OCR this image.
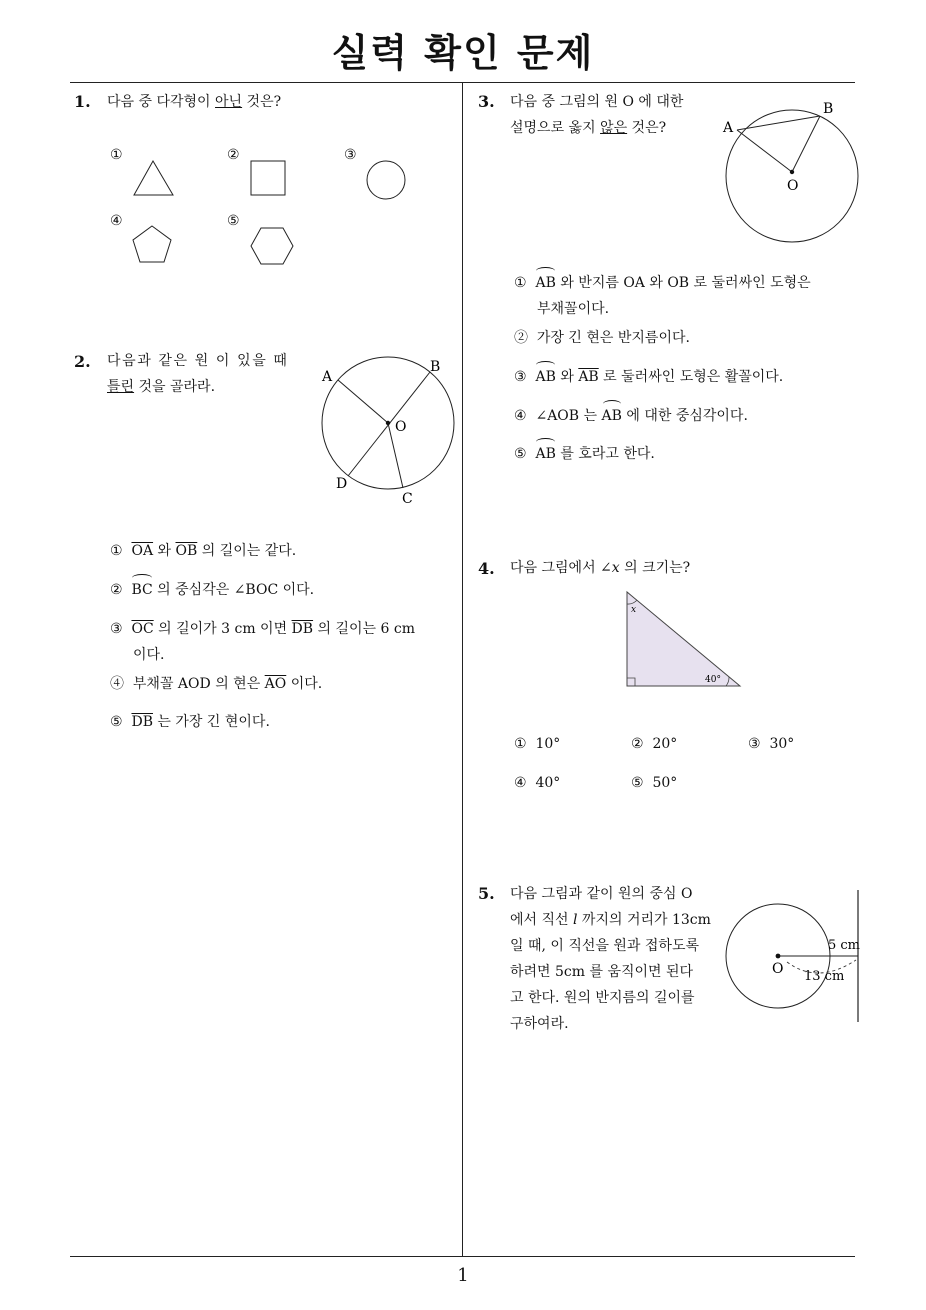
실력 확인 문제
1
1. 다음 중 다각형이 아닌 것은?
①	②	③
④	⑤
2. 다음과 같은 원 이 있을 때
틀린 것을 골라라.
A
B
O
D
C
① $\overline{OA}$ 와 $\overline{OB}$ 의 길이는 같다.
② BC 의 중심각은 ∠BOC 이다.
③ $\overline{OC}$ 의 길이가 3 cm 이면 $\overline{DB}$ 의 길이는 6 cm
이다.
④ 부채꼴 AOD 의 현은 $\overline{AO}$ 이다.
⑤ $\overline{DB}$ 는 가장 긴 현이다.
3. 다음 중 그림의 원 O 에 대한
설명으로 옳지 않은 것은?	A
B
O
① AB 와 반지름 OA 와 OB 로 둘러싸인 도형은
부채꼴이다.
② 가장 긴 현은 반지름이다.
③ AB 와 $\overline{AB}$ 로 둘러싸인 도형은 활꼴이다.
④ ∠AOB 는 AB 에 대한 중심각이다.
⑤ AB 를 호라고 한다.
4. 다음 그림에서 ∠x 의 크기는?
x
40°
① 10°	② 20°	③ 30°
④ 40°	⑤ 50°
5. 다음 그림과 같이 원의 중심 O
에서 직선 l 까지의 거리가 13cm
일 때, 이 직선을 원과 접하도록
하려면 5cm 를 움직이면 된다
고 한다. 원의 반지름의 길이를
구하여라.
O
5 cm
13 cm
